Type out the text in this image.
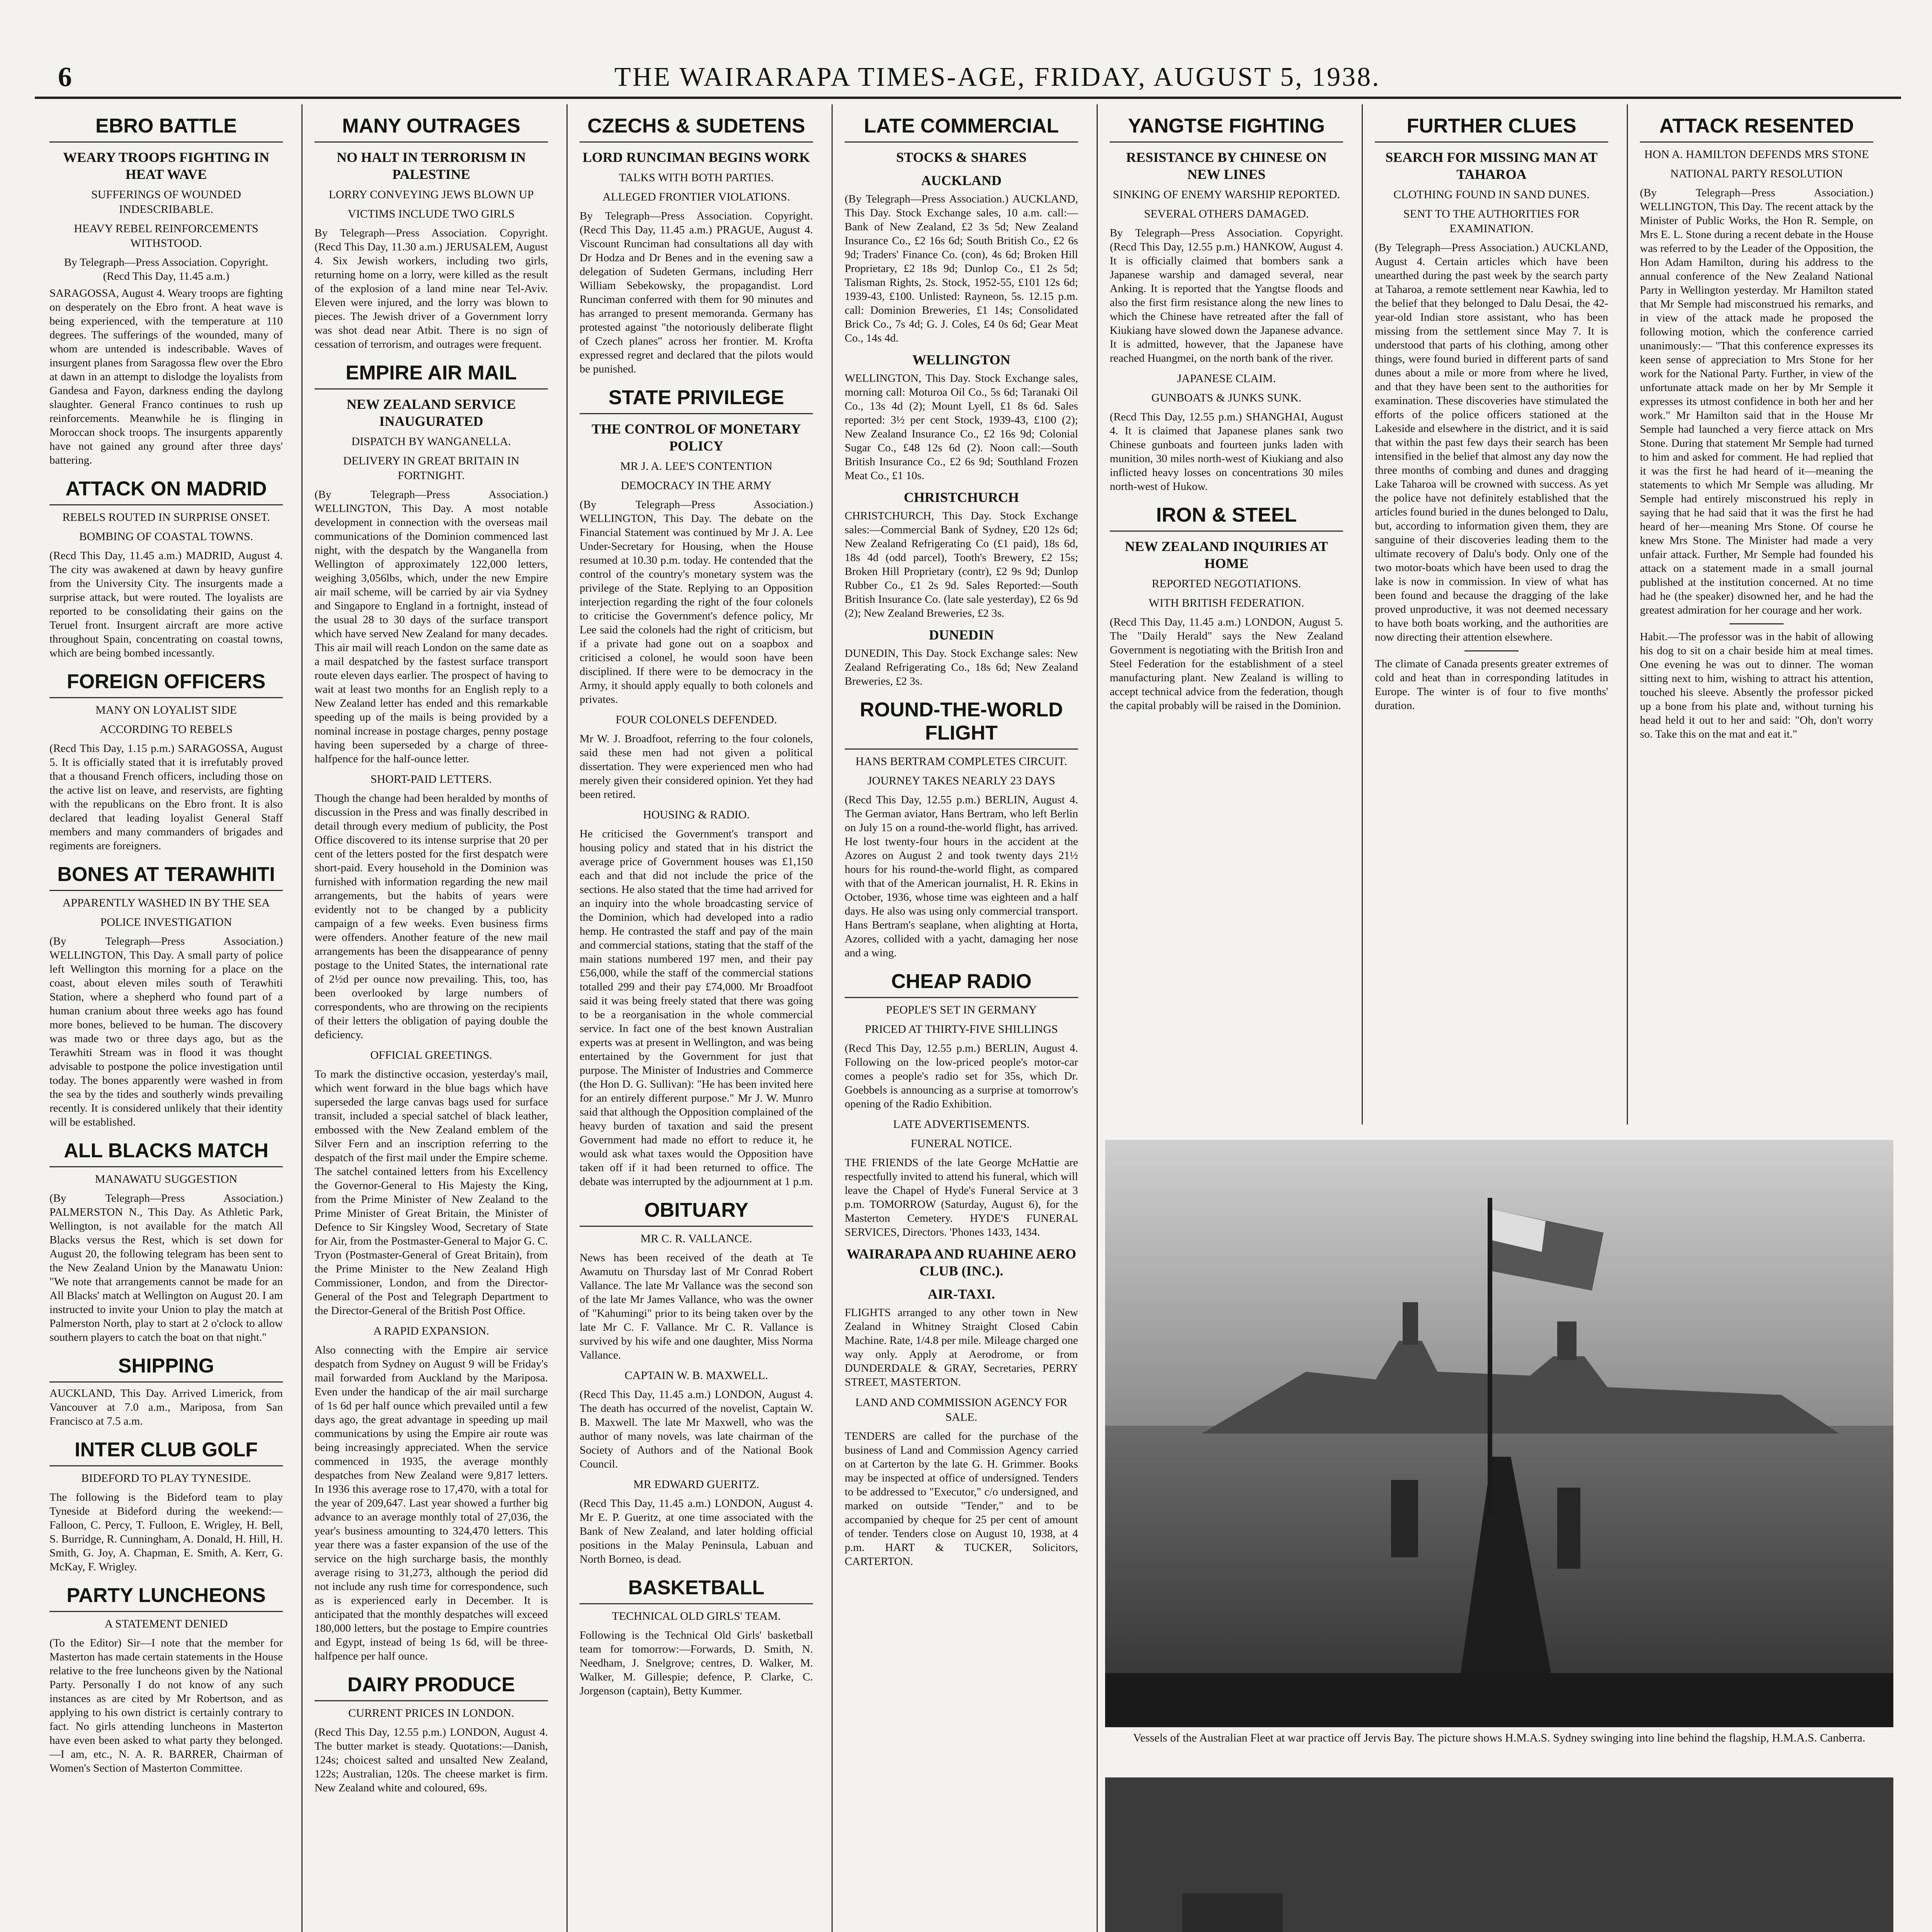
6	THE WAIRARAPA TIMES-AGE, FRIDAY, AUGUST 5, 1938.
EBRO BATTLE
WEARY TROOPS FIGHTING IN HEAT WAVE
SUFFERINGS OF WOUNDED INDESCRIBABLE.
HEAVY REBEL REINFORCEMENTS WITHSTOOD.
By Telegraph—Press Association. Copyright. (Recd This Day, 11.45 a.m.)

SARAGOSSA, August 4. Weary troops are fighting on desperately on the Ebro front. A heat wave is being experienced, with the temperature at 110 degrees. The sufferings of the wounded, many of whom are untended is indescribable. Waves of insurgent planes from Saragossa flew over the Ebro at dawn in an attempt to dislodge the loyalists from Gandesa and Fayon, darkness ending the daylong slaughter. General Franco continues to rush up reinforcements. Meanwhile he is flinging in Moroccan shock troops. The insurgents apparently have not gained any ground after three days' battering.

ATTACK ON MADRID
REBELS ROUTED IN SURPRISE ONSET.
BOMBING OF COASTAL TOWNS.

(Recd This Day, 11.45 a.m.) MADRID, August 4. The city was awakened at dawn by heavy gunfire from the University City. The insurgents made a surprise attack, but were routed. The loyalists are reported to be consolidating their gains on the Teruel front. Insurgent aircraft are more active throughout Spain, concentrating on coastal towns, which are being bombed incessantly.

FOREIGN OFFICERS
MANY ON LOYALIST SIDE
ACCORDING TO REBELS

(Recd This Day, 1.15 p.m.) SARAGOSSA, August 5. It is officially stated that it is irrefutably proved that a thousand French officers, including those on the active list on leave, and reservists, are fighting with the republicans on the Ebro front. It is also declared that leading loyalist General Staff members and many commanders of brigades and regiments are foreigners.

BONES AT TERAWHITI
APPARENTLY WASHED IN BY THE SEA
POLICE INVESTIGATION

(By Telegraph—Press Association.) WELLINGTON, This Day. A small party of police left Wellington this morning for a place on the coast, about eleven miles south of Terawhiti Station, where a shepherd who found part of a human cranium about three weeks ago has found more bones, believed to be human. The discovery was made two or three days ago, but as the Terawhiti Stream was in flood it was thought advisable to postpone the police investigation until today. The bones apparently were washed in from the sea by the tides and southerly winds prevailing recently. It is considered unlikely that their identity will be established.

ALL BLACKS MATCH
MANAWATU SUGGESTION

(By Telegraph—Press Association.) PALMERSTON N., This Day. As Athletic Park, Wellington, is not available for the match All Blacks versus the Rest, which is set down for August 20, the following telegram has been sent to the New Zealand Union by the Manawatu Union: "We note that arrangements cannot be made for an All Blacks' match at Wellington on August 20. I am instructed to invite your Union to play the match at Palmerston North, play to start at 2 o'clock to allow southern players to catch the boat on that night."

SHIPPING

AUCKLAND, This Day. Arrived Limerick, from Vancouver at 7.0 a.m., Mariposa, from San Francisco at 7.5 a.m.

INTER CLUB GOLF
BIDEFORD TO PLAY TYNESIDE.

The following is the Bideford team to play Tyneside at Bideford during the weekend:—Falloon, C. Percy, T. Fulloon, E. Wrigley, H. Bell, S. Burridge, R. Cunningham, A. Donald, H. Hill, H. Smith, G. Joy, A. Chapman, E. Smith, A. Kerr, G. McKay, F. Wrigley.

PARTY LUNCHEONS
A STATEMENT DENIED

(To the Editor) Sir—I note that the member for Masterton has made certain statements in the House relative to the free luncheons given by the National Party. Personally I do not know of any such instances as are cited by Mr Robertson, and as applying to his own district is certainly contrary to fact. No girls attending luncheons in Masterton have even been asked to what party they belonged.—I am, etc., N. A. R. BARRER, Chairman of Women's Section of Masterton Committee.

MANY OUTRAGES
NO HALT IN TERRORISM IN PALESTINE
LORRY CONVEYING JEWS BLOWN UP
VICTIMS INCLUDE TWO GIRLS

By Telegraph—Press Association. Copyright. (Recd This Day, 11.30 a.m.) JERUSALEM, August 4. Six Jewish workers, including two girls, returning home on a lorry, were killed as the result of the explosion of a land mine near Tel-Aviv. Eleven were injured, and the lorry was blown to pieces. The Jewish driver of a Government lorry was shot dead near Atbit. There is no sign of cessation of terrorism, and outrages were frequent.

EMPIRE AIR MAIL
NEW ZEALAND SERVICE INAUGURATED
DISPATCH BY WANGANELLA.
DELIVERY IN GREAT BRITAIN IN FORTNIGHT.

(By Telegraph—Press Association.) WELLINGTON, This Day. A most notable development in connection with the overseas mail communications of the Dominion commenced last night, with the despatch by the Wanganella from Wellington of approximately 122,000 letters, weighing 3,056lbs, which, under the new Empire air mail scheme, will be carried by air via Sydney and Singapore to England in a fortnight, instead of the usual 28 to 30 days of the surface transport which have served New Zealand for many decades. This air mail will reach London on the same date as a mail despatched by the fastest surface transport route eleven days earlier. The prospect of having to wait at least two months for an English reply to a New Zealand letter has ended and this remarkable speeding up of the mails is being provided by a nominal increase in postage charges, penny postage having been superseded by a charge of three-halfpence for the half-ounce letter.

SHORT-PAID LETTERS.

Though the change had been heralded by months of discussion in the Press and was finally described in detail through every medium of publicity, the Post Office discovered to its intense surprise that 20 per cent of the letters posted for the first despatch were short-paid. Every household in the Dominion was furnished with information regarding the new mail arrangements, but the habits of years were evidently not to be changed by a publicity campaign of a few weeks. Even business firms were offenders. Another feature of the new mail arrangements has been the disappearance of penny postage to the United States, the international rate of 2½d per ounce now prevailing. This, too, has been overlooked by large numbers of correspondents, who are throwing on the recipients of their letters the obligation of paying double the deficiency.

OFFICIAL GREETINGS.

To mark the distinctive occasion, yesterday's mail, which went forward in the blue bags which have superseded the large canvas bags used for surface transit, included a special satchel of black leather, embossed with the New Zealand emblem of the Silver Fern and an inscription referring to the despatch of the first mail under the Empire scheme. The satchel contained letters from his Excellency the Governor-General to His Majesty the King, from the Prime Minister of New Zealand to the Prime Minister of Great Britain, the Minister of Defence to Sir Kingsley Wood, Secretary of State for Air, from the Postmaster-General to Major G. C. Tryon (Postmaster-General of Great Britain), from the Prime Minister to the New Zealand High Commissioner, London, and from the Director-General of the Post and Telegraph Department to the Director-General of the British Post Office.

A RAPID EXPANSION.

Also connecting with the Empire air service despatch from Sydney on August 9 will be Friday's mail forwarded from Auckland by the Mariposa. Even under the handicap of the air mail surcharge of 1s 6d per half ounce which prevailed until a few days ago, the great advantage in speeding up mail communications by using the Empire air route was being increasingly appreciated. When the service commenced in 1935, the average monthly despatches from New Zealand were 9,817 letters. In 1936 this average rose to 17,470, with a total for the year of 209,647. Last year showed a further big advance to an average monthly total of 27,036, the year's business amounting to 324,470 letters. This year there was a faster expansion of the use of the service on the high surcharge basis, the monthly average rising to 31,273, although the period did not include any rush time for correspondence, such as is experienced early in December. It is anticipated that the monthly despatches will exceed 180,000 letters, but the postage to Empire countries and Egypt, instead of being 1s 6d, will be three-halfpence per half ounce.

DAIRY PRODUCE
CURRENT PRICES IN LONDON.

(Recd This Day, 12.55 p.m.) LONDON, August 4. The butter market is steady. Quotations:—Danish, 124s; choicest salted and unsalted New Zealand, 122s; Australian, 120s. The cheese market is firm. New Zealand white and coloured, 69s.

CZECHS & SUDETENS
LORD RUNCIMAN BEGINS WORK
TALKS WITH BOTH PARTIES.
ALLEGED FRONTIER VIOLATIONS.

By Telegraph—Press Association. Copyright. (Recd This Day, 11.45 a.m.) PRAGUE, August 4. Viscount Runciman had consultations all day with Dr Hodza and Dr Benes and in the evening saw a delegation of Sudeten Germans, including Herr William Sebekowsky, the propagandist. Lord Runciman conferred with them for 90 minutes and has arranged to present memoranda. Germany has protested against "the notoriously deliberate flight of Czech planes" across her frontier. M. Krofta expressed regret and declared that the pilots would be punished.

STATE PRIVILEGE
THE CONTROL OF MONETARY POLICY
MR J. A. LEE'S CONTENTION
DEMOCRACY IN THE ARMY

(By Telegraph—Press Association.) WELLINGTON, This Day. The debate on the Financial Statement was continued by Mr J. A. Lee Under-Secretary for Housing, when the House resumed at 10.30 p.m. today. He contended that the control of the country's monetary system was the privilege of the State. Replying to an Opposition interjection regarding the right of the four colonels to criticise the Government's defence policy, Mr Lee said the colonels had the right of criticism, but if a private had gone out on a soapbox and criticised a colonel, he would soon have been disciplined. If there were to be democracy in the Army, it should apply equally to both colonels and privates.

FOUR COLONELS DEFENDED.

Mr W. J. Broadfoot, referring to the four colonels, said these men had not given a political dissertation. They were experienced men who had merely given their considered opinion. Yet they had been retired.

HOUSING & RADIO.

He criticised the Government's transport and housing policy and stated that in his district the average price of Government houses was £1,150 each and that did not include the price of the sections. He also stated that the time had arrived for an inquiry into the whole broadcasting service of the Dominion, which had developed into a radio hemp. He contrasted the staff and pay of the main and commercial stations, stating that the staff of the main stations numbered 197 men, and their pay £56,000, while the staff of the commercial stations totalled 299 and their pay £74,000. Mr Broadfoot said it was being freely stated that there was going to be a reorganisation in the whole commercial service. In fact one of the best known Australian experts was at present in Wellington, and was being entertained by the Government for just that purpose. The Minister of Industries and Commerce (the Hon D. G. Sullivan): "He has been invited here for an entirely different purpose." Mr J. W. Munro said that although the Opposition complained of the heavy burden of taxation and said the present Government had made no effort to reduce it, he would ask what taxes would the Opposition have taken off if it had been returned to office. The debate was interrupted by the adjournment at 1 p.m.

OBITUARY
MR C. R. VALLANCE.

News has been received of the death at Te Awamutu on Thursday last of Mr Conrad Robert Vallance. The late Mr Vallance was the second son of the late Mr James Vallance, who was the owner of "Kahumingi" prior to its being taken over by the late Mr C. F. Vallance. Mr C. R. Vallance is survived by his wife and one daughter, Miss Norma Vallance.

CAPTAIN W. B. MAXWELL.

(Recd This Day, 11.45 a.m.) LONDON, August 4. The death has occurred of the novelist, Captain W. B. Maxwell. The late Mr Maxwell, who was the author of many novels, was late chairman of the Society of Authors and of the National Book Council.

MR EDWARD GUERITZ.

(Recd This Day, 11.45 a.m.) LONDON, August 4. Mr E. P. Gueritz, at one time associated with the Bank of New Zealand, and later holding official positions in the Malay Peninsula, Labuan and North Borneo, is dead.

BASKETBALL
TECHNICAL OLD GIRLS' TEAM.

Following is the Technical Old Girls' basketball team for tomorrow:—Forwards, D. Smith, N. Needham, J. Snelgrove; centres, D. Walker, M. Walker, M. Gillespie; defence, P. Clarke, C. Jorgenson (captain), Betty Kummer.

LATE COMMERCIAL
STOCKS & SHARES
AUCKLAND

(By Telegraph—Press Association.) AUCKLAND, This Day. Stock Exchange sales, 10 a.m. call:—Bank of New Zealand, £2 3s 5d; New Zealand Insurance Co., £2 16s 6d; South British Co., £2 6s 9d; Traders' Finance Co. (con), 4s 6d; Broken Hill Proprietary, £2 18s 9d; Dunlop Co., £1 2s 5d; Talisman Rights, 2s. Stock, 1952-55, £101 12s 6d; 1939-43, £100. Unlisted: Rayneon, 5s. 12.15 p.m. call: Dominion Breweries, £1 14s; Consolidated Brick Co., 7s 4d; G. J. Coles, £4 0s 6d; Gear Meat Co., 14s 4d.

WELLINGTON

WELLINGTON, This Day. Stock Exchange sales, morning call: Moturoa Oil Co., 5s 6d; Taranaki Oil Co., 13s 4d (2); Mount Lyell, £1 8s 6d. Sales reported: 3½ per cent Stock, 1939-43, £100 (2); New Zealand Insurance Co., £2 16s 9d; Colonial Sugar Co., £48 12s 6d (2). Noon call:—South British Insurance Co., £2 6s 9d; Southland Frozen Meat Co., £1 10s.

CHRISTCHURCH

CHRISTCHURCH, This Day. Stock Exchange sales:—Commercial Bank of Sydney, £20 12s 6d; New Zealand Refrigerating Co (£1 paid), 18s 6d, 18s 4d (odd parcel), Tooth's Brewery, £2 15s; Broken Hill Proprietary (contr), £2 9s 9d; Dunlop Rubber Co., £1 2s 9d. Sales Reported:—South British Insurance Co. (late sale yesterday), £2 6s 9d (2); New Zealand Breweries, £2 3s.

DUNEDIN

DUNEDIN, This Day. Stock Exchange sales: New Zealand Refrigerating Co., 18s 6d; New Zealand Breweries, £2 3s.

ROUND-THE-WORLD FLIGHT
HANS BERTRAM COMPLETES CIRCUIT.
JOURNEY TAKES NEARLY 23 DAYS

(Recd This Day, 12.55 p.m.) BERLIN, August 4. The German aviator, Hans Bertram, who left Berlin on July 15 on a round-the-world flight, has arrived. He lost twenty-four hours in the accident at the Azores on August 2 and took twenty days 21½ hours for his round-the-world flight, as compared with that of the American journalist, H. R. Ekins in October, 1936, whose time was eighteen and a half days. He also was using only commercial transport. Hans Bertram's seaplane, when alighting at Horta, Azores, collided with a yacht, damaging her nose and a wing.

CHEAP RADIO
PEOPLE'S SET IN GERMANY
PRICED AT THIRTY-FIVE SHILLINGS

(Recd This Day, 12.55 p.m.) BERLIN, August 4. Following on the low-priced people's motor-car comes a people's radio set for 35s, which Dr. Goebbels is announcing as a surprise at tomorrow's opening of the Radio Exhibition.

LATE ADVERTISEMENTS.
FUNERAL NOTICE.

THE FRIENDS of the late George McHattie are respectfully invited to attend his funeral, which will leave the Chapel of Hyde's Funeral Service at 3 p.m. TOMORROW (Saturday, August 6), for the Masterton Cemetery. HYDE'S FUNERAL SERVICES, Directors. 'Phones 1433, 1434.

WAIRARAPA AND RUAHINE AERO CLUB (INC.).
AIR-TAXI.

FLIGHTS arranged to any other town in New Zealand in Whitney Straight Closed Cabin Machine. Rate, 1/4.8 per mile. Mileage charged one way only. Apply at Aerodrome, or from DUNDERDALE & GRAY, Secretaries, PERRY STREET, MASTERTON.

LAND AND COMMISSION AGENCY FOR SALE.

TENDERS are called for the purchase of the business of Land and Commission Agency carried on at Carterton by the late G. H. Grimmer. Books may be inspected at office of undersigned. Tenders to be addressed to "Executor," c/o undersigned, and marked on outside "Tender," and to be accompanied by cheque for 25 per cent of amount of tender. Tenders close on August 10, 1938, at 4 p.m. HART & TUCKER, Solicitors, CARTERTON.

YANGTSE FIGHTING
RESISTANCE BY CHINESE ON NEW LINES
SINKING OF ENEMY WARSHIP REPORTED.
SEVERAL OTHERS DAMAGED.

By Telegraph—Press Association. Copyright. (Recd This Day, 12.55 p.m.) HANKOW, August 4. It is officially claimed that bombers sank a Japanese warship and damaged several, near Anking. It is reported that the Yangtse floods and also the first firm resistance along the new lines to which the Chinese have retreated after the fall of Kiukiang have slowed down the Japanese advance. It is admitted, however, that the Japanese have reached Huangmei, on the north bank of the river.

JAPANESE CLAIM.
GUNBOATS & JUNKS SUNK.

(Recd This Day, 12.55 p.m.) SHANGHAI, August 4. It is claimed that Japanese planes sank two Chinese gunboats and fourteen junks laden with munition, 30 miles north-west of Kiukiang and also inflicted heavy losses on concentrations 30 miles north-west of Hukow.

IRON & STEEL
NEW ZEALAND INQUIRIES AT HOME
REPORTED NEGOTIATIONS.
WITH BRITISH FEDERATION.

(Recd This Day, 11.45 a.m.) LONDON, August 5. The "Daily Herald" says the New Zealand Government is negotiating with the British Iron and Steel Federation for the establishment of a steel manufacturing plant. New Zealand is willing to accept technical advice from the federation, though the capital probably will be raised in the Dominion.

FURTHER CLUES
SEARCH FOR MISSING MAN AT TAHAROA
CLOTHING FOUND IN SAND DUNES.
SENT TO THE AUTHORITIES FOR EXAMINATION.

(By Telegraph—Press Association.) AUCKLAND, August 4. Certain articles which have been unearthed during the past week by the search party at Taharoa, a remote settlement near Kawhia, led to the belief that they belonged to Dalu Desai, the 42-year-old Indian store assistant, who has been missing from the settlement since May 7. It is understood that parts of his clothing, among other things, were found buried in different parts of sand dunes about a mile or more from where he lived, and that they have been sent to the authorities for examination. These discoveries have stimulated the efforts of the police officers stationed at the Lakeside and elsewhere in the district, and it is said that within the past few days their search has been intensified in the belief that almost any day now the three months of combing and dunes and dragging Lake Taharoa will be crowned with success. As yet the police have not definitely established that the articles found buried in the dunes belonged to Dalu, but, according to information given them, they are sanguine of their discoveries leading them to the ultimate recovery of Dalu's body. Only one of the two motor-boats which have been used to drag the lake is now in commission. In view of what has been found and because the dragging of the lake proved unproductive, it was not deemed necessary to have both boats working, and the authorities are now directing their attention elsewhere.

The climate of Canada presents greater extremes of cold and heat than in corresponding latitudes in Europe. The winter is of four to five months' duration.

ATTACK RESENTED
HON A. HAMILTON DEFENDS MRS STONE
NATIONAL PARTY RESOLUTION

(By Telegraph—Press Association.) WELLINGTON, This Day. The recent attack by the Minister of Public Works, the Hon R. Semple, on Mrs E. L. Stone during a recent debate in the House was referred to by the Leader of the Opposition, the Hon Adam Hamilton, during his address to the annual conference of the New Zealand National Party in Wellington yesterday. Mr Hamilton stated that Mr Semple had misconstrued his remarks, and in view of the attack made he proposed the following motion, which the conference carried unanimously:— "That this conference expresses its keen sense of appreciation to Mrs Stone for her work for the National Party. Further, in view of the unfortunate attack made on her by Mr Semple it expresses its utmost confidence in both her and her work." Mr Hamilton said that in the House Mr Semple had launched a very fierce attack on Mrs Stone. During that statement Mr Semple had turned to him and asked for comment. He had replied that it was the first he had heard of it—meaning the statements to which Mr Semple was alluding. Mr Semple had entirely misconstrued his reply in saying that he had said that it was the first he had heard of her—meaning Mrs Stone. Of course he knew Mrs Stone. The Minister had made a very unfair attack. Further, Mr Semple had founded his attack on a statement made in a small journal published at the institution concerned. At no time had he (the speaker) disowned her, and he had the greatest admiration for her courage and her work.

Habit.—The professor was in the habit of allowing his dog to sit on a chair beside him at meal times. One evening he was out to dinner. The woman sitting next to him, wishing to attract his attention, touched his sleeve. Absently the professor picked up a bone from his plate and, without turning his head held it out to her and said: "Oh, don't worry so. Take this on the mat and eat it."

Vessels of the Australian Fleet at war practice off Jervis Bay. The picture shows H.M.A.S. Sydney swinging into line behind the flagship, H.M.A.S. Canberra.
